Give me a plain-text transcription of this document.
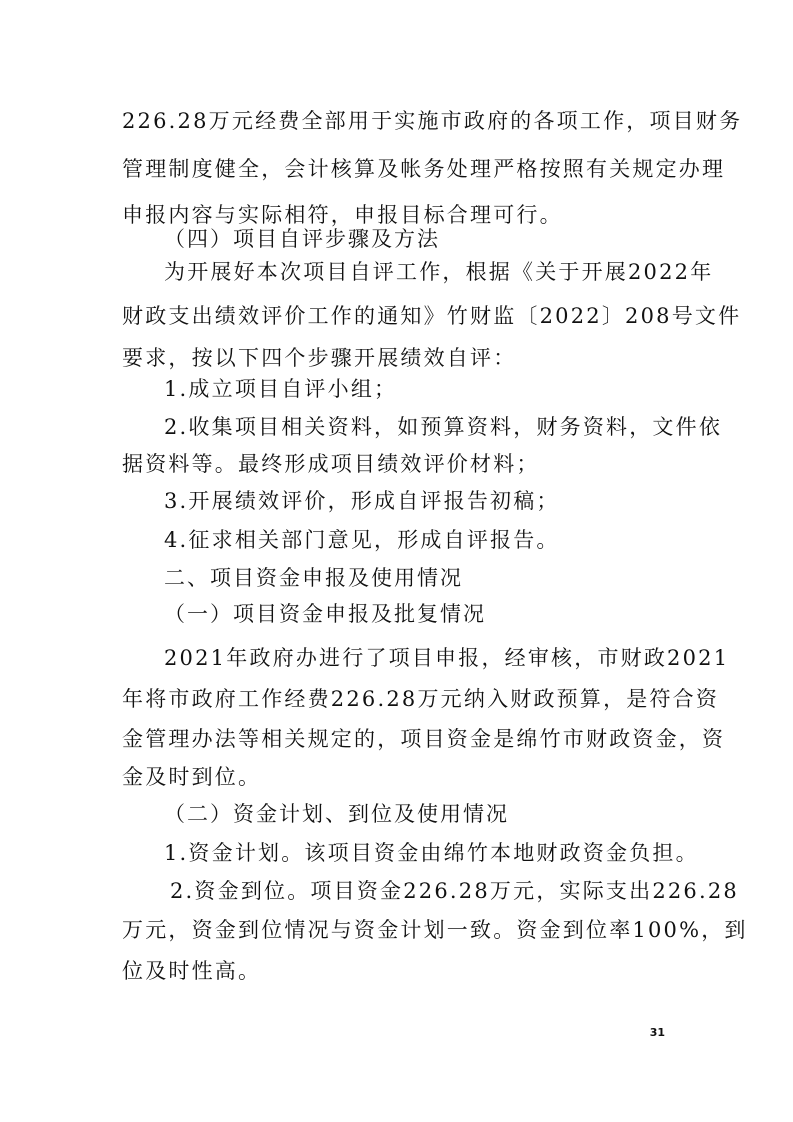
226.28万元经费全部用于实施市政府的各项工作，项目财务
管理制度健全，会计核算及帐务处理严格按照有关规定办理
申报内容与实际相符，申报目标合理可行。
（四）项目自评步骤及方法
为开展好本次项目自评工作，根据《关于开展2022年
财政支出绩效评价工作的通知》竹财监〔2022〕208号文件
要求，按以下四个步骤开展绩效自评：
1.成立项目自评小组；
2.收集项目相关资料，如预算资料，财务资料，文件依
据资料等。最终形成项目绩效评价材料；
3.开展绩效评价，形成自评报告初稿；
4.征求相关部门意见，形成自评报告。
二、项目资金申报及使用情况
（一）项目资金申报及批复情况
2021年政府办进行了项目申报，经审核，市财政2021
年将市政府工作经费226.28万元纳入财政预算，是符合资
金管理办法等相关规定的，项目资金是绵竹市财政资金，资
金及时到位。
（二）资金计划、到位及使用情况
1.资金计划。该项目资金由绵竹本地财政资金负担。
2.资金到位。项目资金226.28万元，实际支出226.28
万元，资金到位情况与资金计划一致。资金到位率100%，到
位及时性高。
31
